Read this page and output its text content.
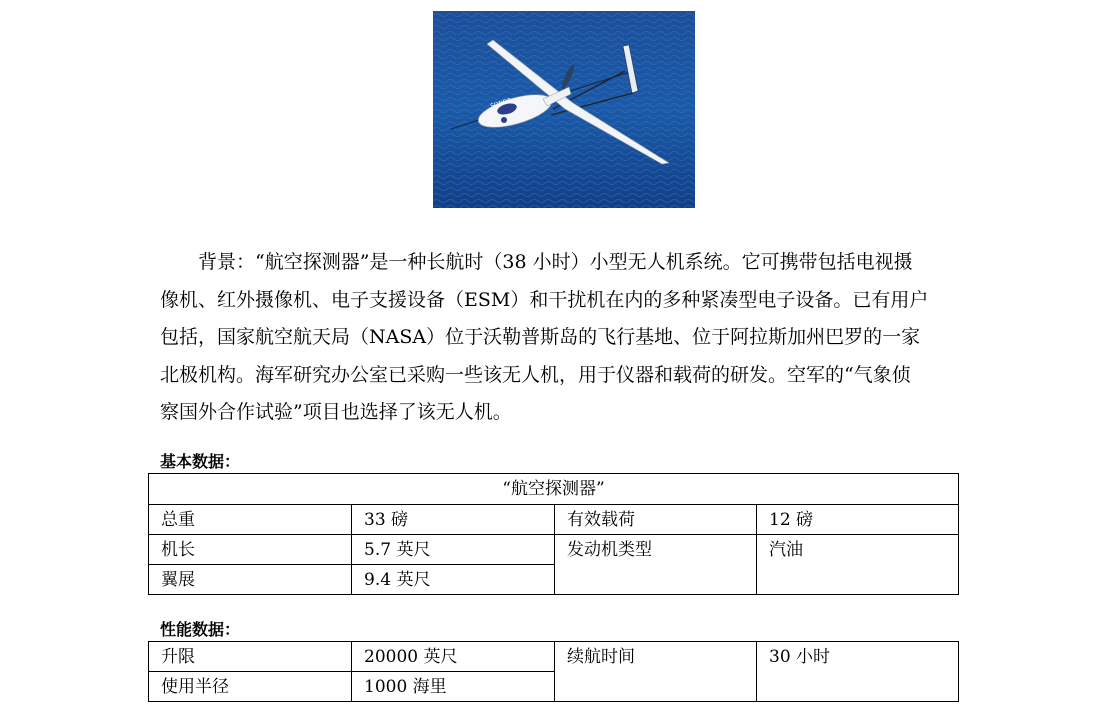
SONDE

背景：“航空探测器”是一种长航时（38 小时）小型无人机系统。它可携带包括电视摄
像机、红外摄像机、电子支援设备（ESM）和干扰机在内的多种紧凑型电子设备。已有用户
包括，国家航空航天局（NASA）位于沃勒普斯岛的飞行基地、位于阿拉斯加州巴罗的一家
北极机构。海军研究办公室已采购一些该无人机，用于仪器和载荷的研发。空军的“气象侦
察国外合作试验”项目也选择了该无人机。

基本数据：
“航空探测器”			
总重	33 磅	有效载荷	12 磅
机长	5.7 英尺	发动机类型	汽油
翼展	9.4 英尺		
性能数据：
升限	20000 英尺	续航时间	30 小时
使用半径	1000 海里		
